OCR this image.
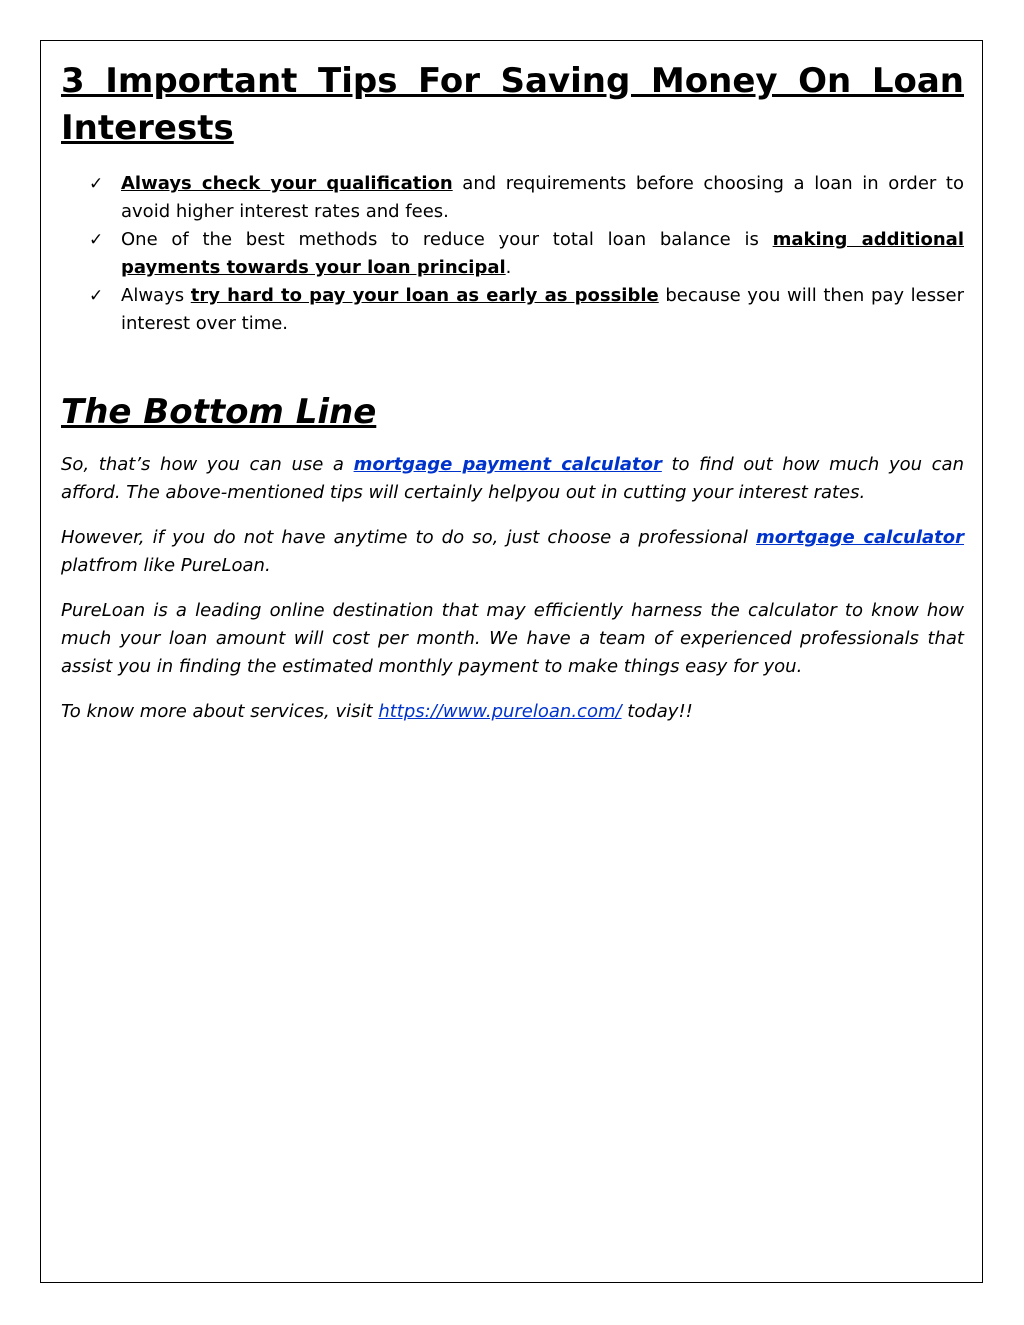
3 Important Tips For Saving Money On Loan
Interests
✓ Always check your qualification and requirements before choosing a loan in order to avoid higher interest rates and fees.
✓ One of the best methods to reduce your total loan balance is making additional payments towards your loan principal.
✓ Always try hard to pay your loan as early as possible because you will then pay lesser interest over time.
The Bottom Line

So, that’s how you can use a mortgage payment calculator to find out how much you can afford. The above-mentioned tips will certainly helpyou out in cutting your interest rates.

However, if you do not have anytime to do so, just choose a professional mortgage calculator platfrom like PureLoan.

PureLoan is a leading online destination that may efficiently harness the calculator to know how much your loan amount will cost per month. We have a team of experienced professionals that assist you in finding the estimated monthly payment to make things easy for you.

To know more about services, visit https://www.pureloan.com/ today!!
